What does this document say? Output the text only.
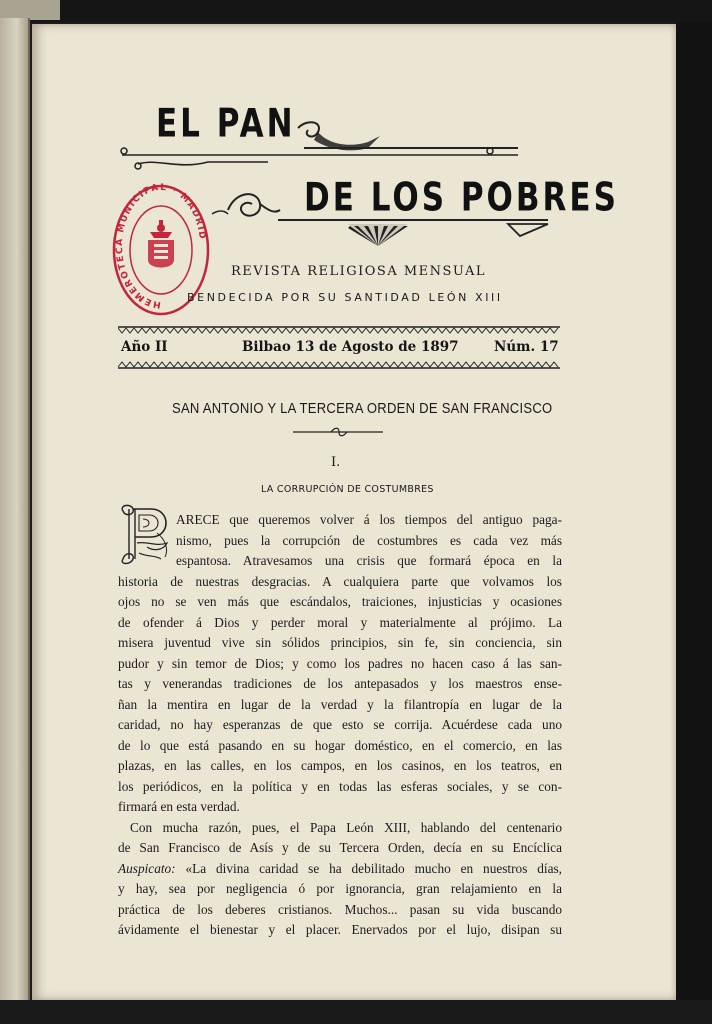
EL PAN
DE LOS POBRES
HEMEROTECA MUNICIPAL · MADRID
REVISTA RELIGIOSA MENSUAL
BENDECIDA POR SU SANTIDAD LEÓN XIII
Año II	Bilbao 13 de Agosto de 1897	Núm. 17
SAN ANTONIO Y LA TERCERA ORDEN DE SAN FRANCISCO
I.
LA CORRUPCIÓN DE COSTUMBRES
ARECE que queremos volver á los tiempos del antiguo paga-
nismo, pues la corrupción de costumbres es cada vez más
espantosa. Atravesamos una crisis que formará época en la
historia de nuestras desgracias. A cualquiera parte que volvamos los
ojos no se ven más que escándalos, traiciones, injusticias y ocasiones
de ofender á Dios y perder moral y materialmente al prójimo. La
misera juventud vive sin sólidos principios, sin fe, sin conciencia, sin
pudor y sin temor de Dios; y como los padres no hacen caso á las san-
tas y venerandas tradiciones de los antepasados y los maestros ense-
ñan la mentira en lugar de la verdad y la filantropía en lugar de la
caridad, no hay esperanzas de que esto se corrija. Acuérdese cada uno
de lo que está pasando en su hogar doméstico, en el comercio, en las
plazas, en las calles, en los campos, en los casinos, en los teatros, en
los periódicos, en la política y en todas las esferas sociales, y se con-
firmará en esta verdad.
Con mucha razón, pues, el Papa León XIII, hablando del centenario
de San Francisco de Asís y de su Tercera Orden, decía en su Encíclica
Auspicato: «La divina caridad se ha debilitado mucho en nuestros días,
y hay, sea por negligencia ó por ignorancia, gran relajamiento en la
práctica de los deberes cristianos. Muchos... pasan su vida buscando
ávidamente el bienestar y el placer. Enervados por el lujo, disipan su
